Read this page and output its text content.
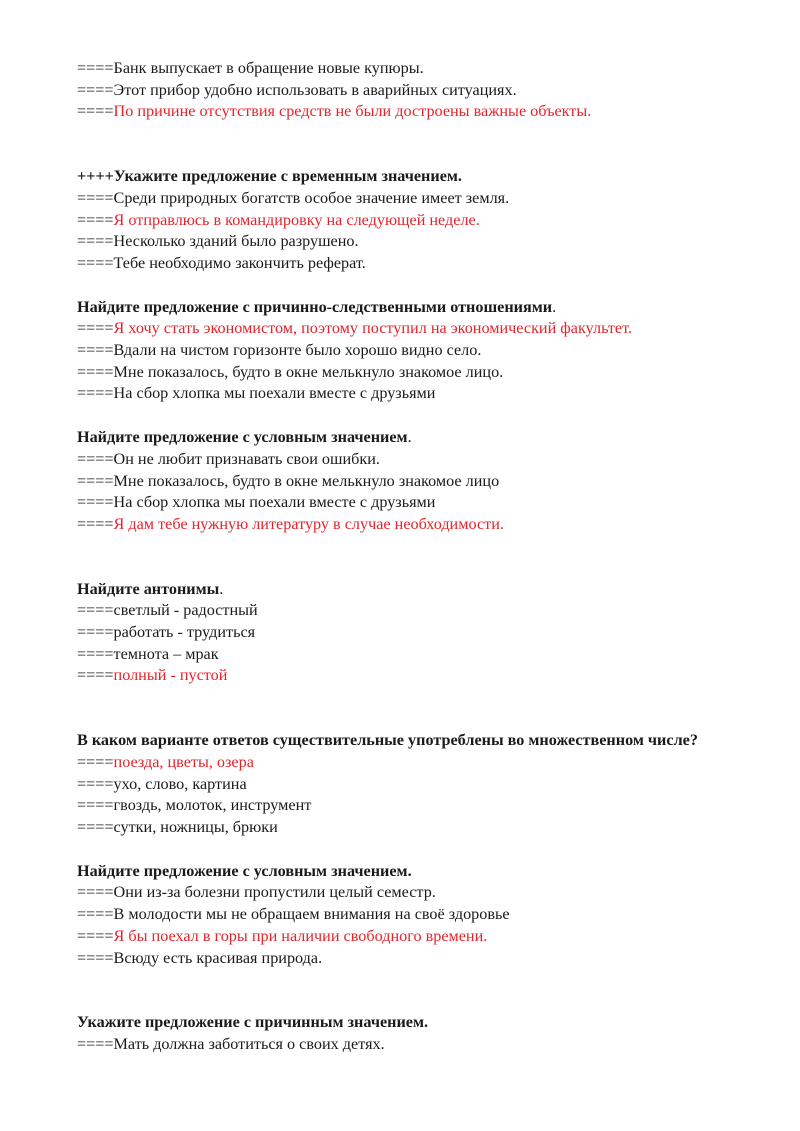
====Банк выпускает в обращение новые купюры.
====Этот прибор удобно использовать в аварийных ситуациях.
====По причине отсутствия средств не были достроены важные объекты.
++++Укажите предложение с временным значением.
====Среди природных богатств особое значение имеет земля.
====Я отправлюсь в командировку на следующей неделе.
====Несколько зданий было разрушено.
====Тебе необходимо закончить реферат.
Найдите предложение с причинно-следственными отношениями.
====Я хочу стать экономистом, поэтому поступил на экономический факультет.
====Вдали на чистом горизонте было хорошо видно село.
====Мне показалось, будто в окне мелькнуло знакомое лицо.
====На сбор хлопка мы поехали вместе с друзьями
Найдите предложение с условным значением.
====Он не любит признавать свои ошибки.
====Мне показалось, будто в окне мелькнуло знакомое лицо
====На сбор хлопка мы поехали вместе с друзьями
====Я дам тебе нужную литературу в случае необходимости.
Найдите антонимы.
====светлый - радостный
====работать - трудиться
====темнота – мрак
====полный - пустой
В каком варианте ответов существительные употреблены во множественном числе?
====поезда, цветы, озера
====ухо, слово, картина
====гвоздь, молоток, инструмент
====сутки, ножницы, брюки
Найдите предложение с условным значением.
====Они из-за болезни пропустили целый семестр.
====В молодости мы не обращаем внимания на своё здоровье
====Я бы поехал в горы при наличии свободного времени.
====Всюду есть красивая природа.
Укажите предложение с причинным значением.
====Мать должна заботиться о своих детях.
